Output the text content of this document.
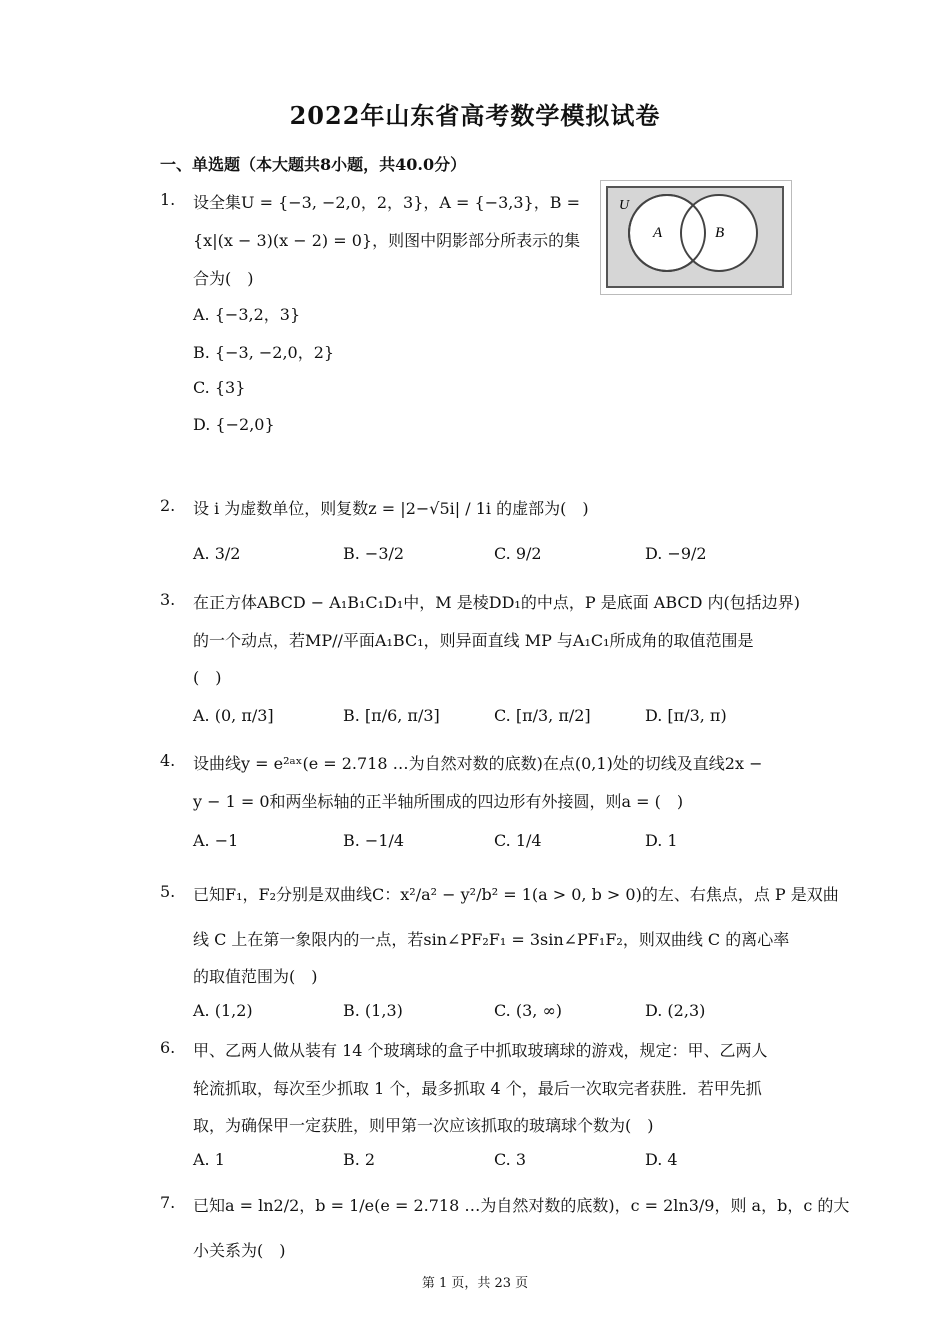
2022年山东省高考数学模拟试卷
一、单选题（本大题共8小题，共40.0分）
1. 设全集U = {−3, −2,0，2，3}，A = {−3,3}，B =
{x|(x − 3)(x − 2) = 0}，则图中阴影部分所表示的集
合为(　)
A. {−3,2，3}
B. {−3, −2,0，2}
C. {3}
D. {−2,0}
U
A	B
2. 设 i 为虚数单位，则复数z = |2−√5i| / 1i 的虚部为(　)
A. 3/2	B. −3/2	C. 9/2	D. −9/2
3. 在正方体ABCD − A₁B₁C₁D₁中，M 是棱DD₁的中点，P 是底面 ABCD 内(包括边界)
的一个动点，若MP//平面A₁BC₁，则异面直线 MP 与A₁C₁所成角的取值范围是
(　)
A. (0, π/3]	B. [π/6, π/3]	C. [π/3, π/2]	D. [π/3, π)
4. 设曲线y = e²ᵃˣ(e = 2.718 …为自然对数的底数)在点(0,1)处的切线及直线2x −
y − 1 = 0和两坐标轴的正半轴所围成的四边形有外接圆，则a = (　)
A. −1	B. −1/4	C. 1/4	D. 1
5. 已知F₁，F₂分别是双曲线C：x²/a² − y²/b² = 1(a > 0, b > 0)的左、右焦点，点 P 是双曲
线 C 上在第一象限内的一点，若sin∠PF₂F₁ = 3sin∠PF₁F₂，则双曲线 C 的离心率
的取值范围为(　)
A. (1,2)	B. (1,3)	C. (3, ∞)	D. (2,3)
6. 甲、乙两人做从装有 14 个玻璃球的盒子中抓取玻璃球的游戏，规定：甲、乙两人
轮流抓取，每次至少抓取 1 个，最多抓取 4 个，最后一次取完者获胜．若甲先抓
取，为确保甲一定获胜，则甲第一次应该抓取的玻璃球个数为(　)
A. 1	B. 2	C. 3	D. 4
7. 已知a = ln2/2，b = 1/e(e = 2.718 …为自然对数的底数)，c = 2ln3/9，则 a，b，c 的大
小关系为(　)
第 1 页，共 23 页
